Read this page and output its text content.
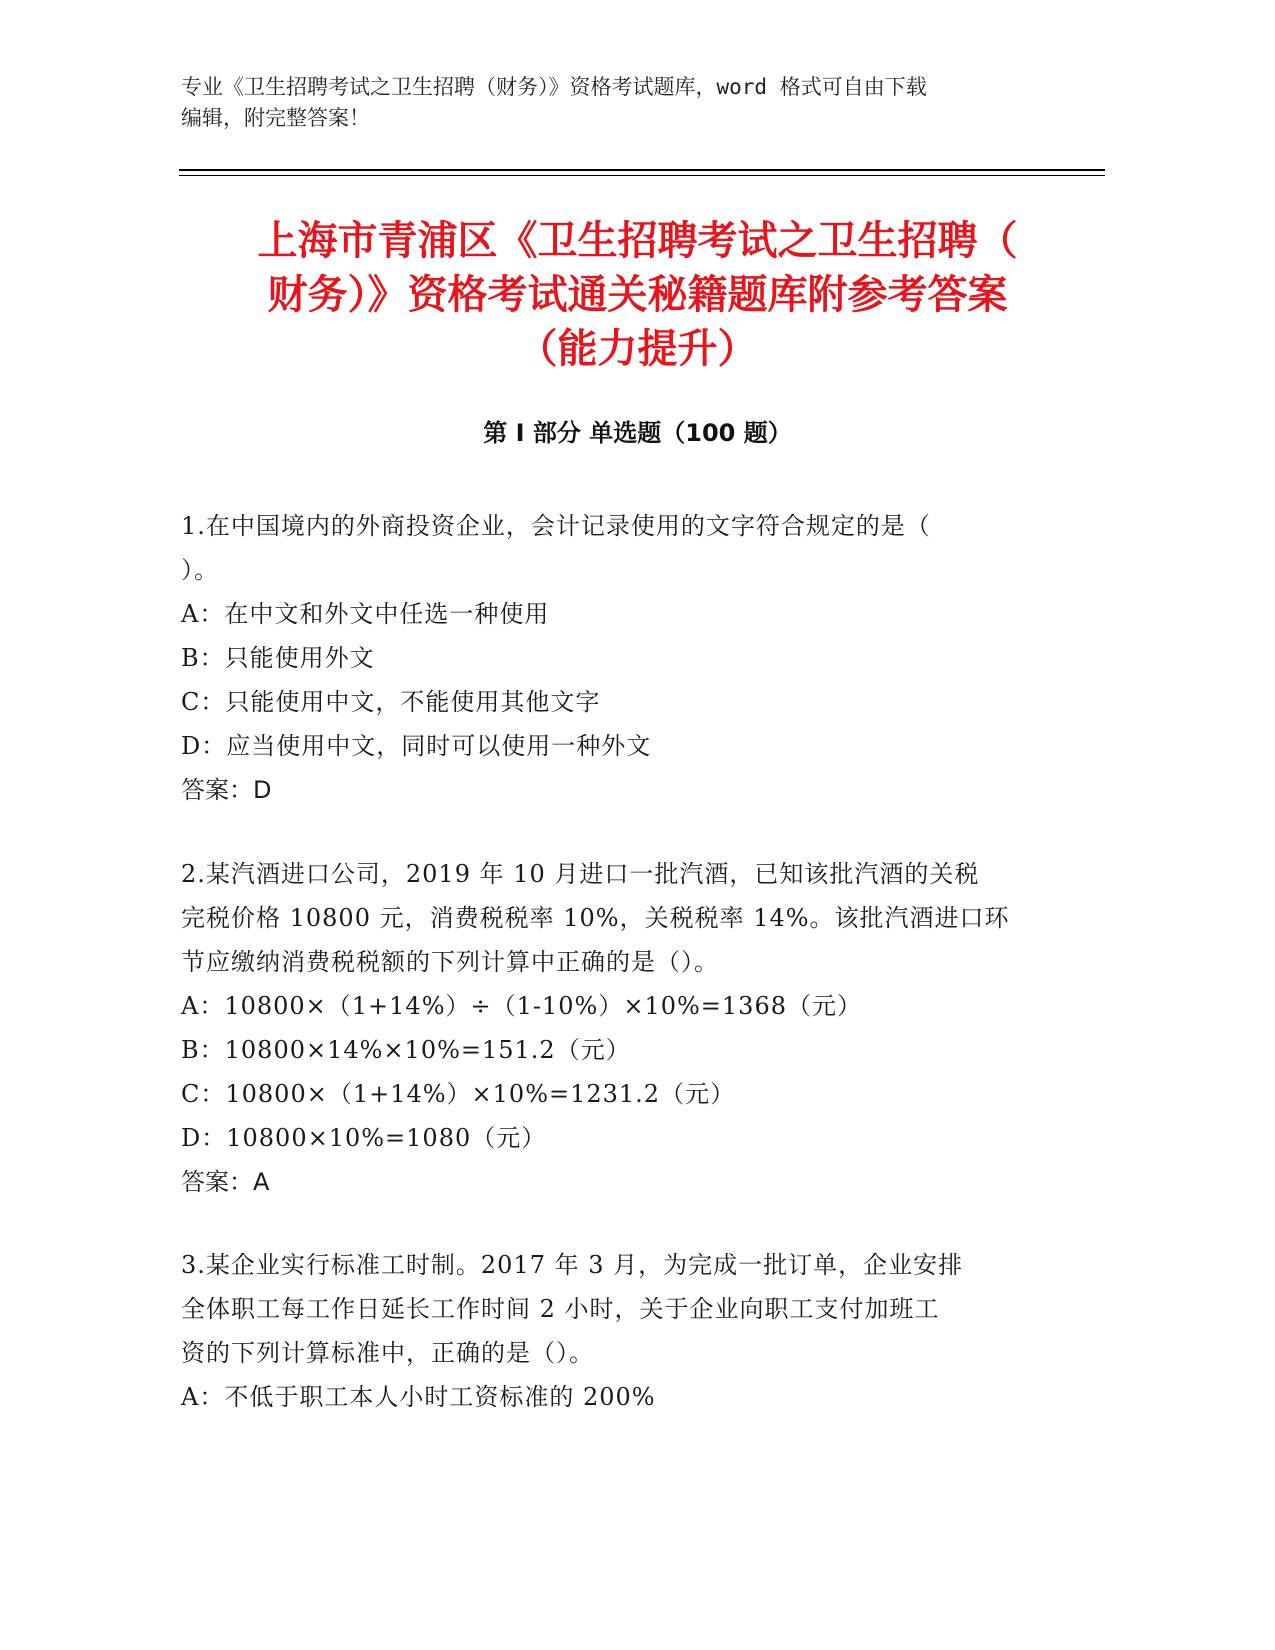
专业《卫生招聘考试之卫生招聘（财务）》资格考试题库，word 格式可自由下载
编辑，附完整答案！
上海市青浦区《卫生招聘考试之卫生招聘（
财务）》资格考试通关秘籍题库附参考答案
（能力提升）
第 I 部分 单选题（100 题）

1.在中国境内的外商投资企业，会计记录使用的文字符合规定的是（

）。

A：在中文和外文中任选一种使用

B：只能使用外文

C：只能使用中文，不能使用其他文字

D：应当使用中文，同时可以使用一种外文

答案：D

2.某汽酒进口公司，2019 年 10 月进口一批汽酒，已知该批汽酒的关税

完税价格 10800 元，消费税税率 10%，关税税率 14%。该批汽酒进口环

节应缴纳消费税税额的下列计算中正确的是（）。

A：10800×（1+14%）÷（1-10%）×10%=1368（元）

B：10800×14%×10%=151.2（元）

C：10800×（1+14%）×10%=1231.2（元）

D：10800×10%=1080（元）

答案：A

3.某企业实行标准工时制。2017 年 3 月，为完成一批订单，企业安排

全体职工每工作日延长工作时间 2 小时，关于企业向职工支付加班工

资的下列计算标准中，正确的是（）。

A：不低于职工本人小时工资标准的 200%
